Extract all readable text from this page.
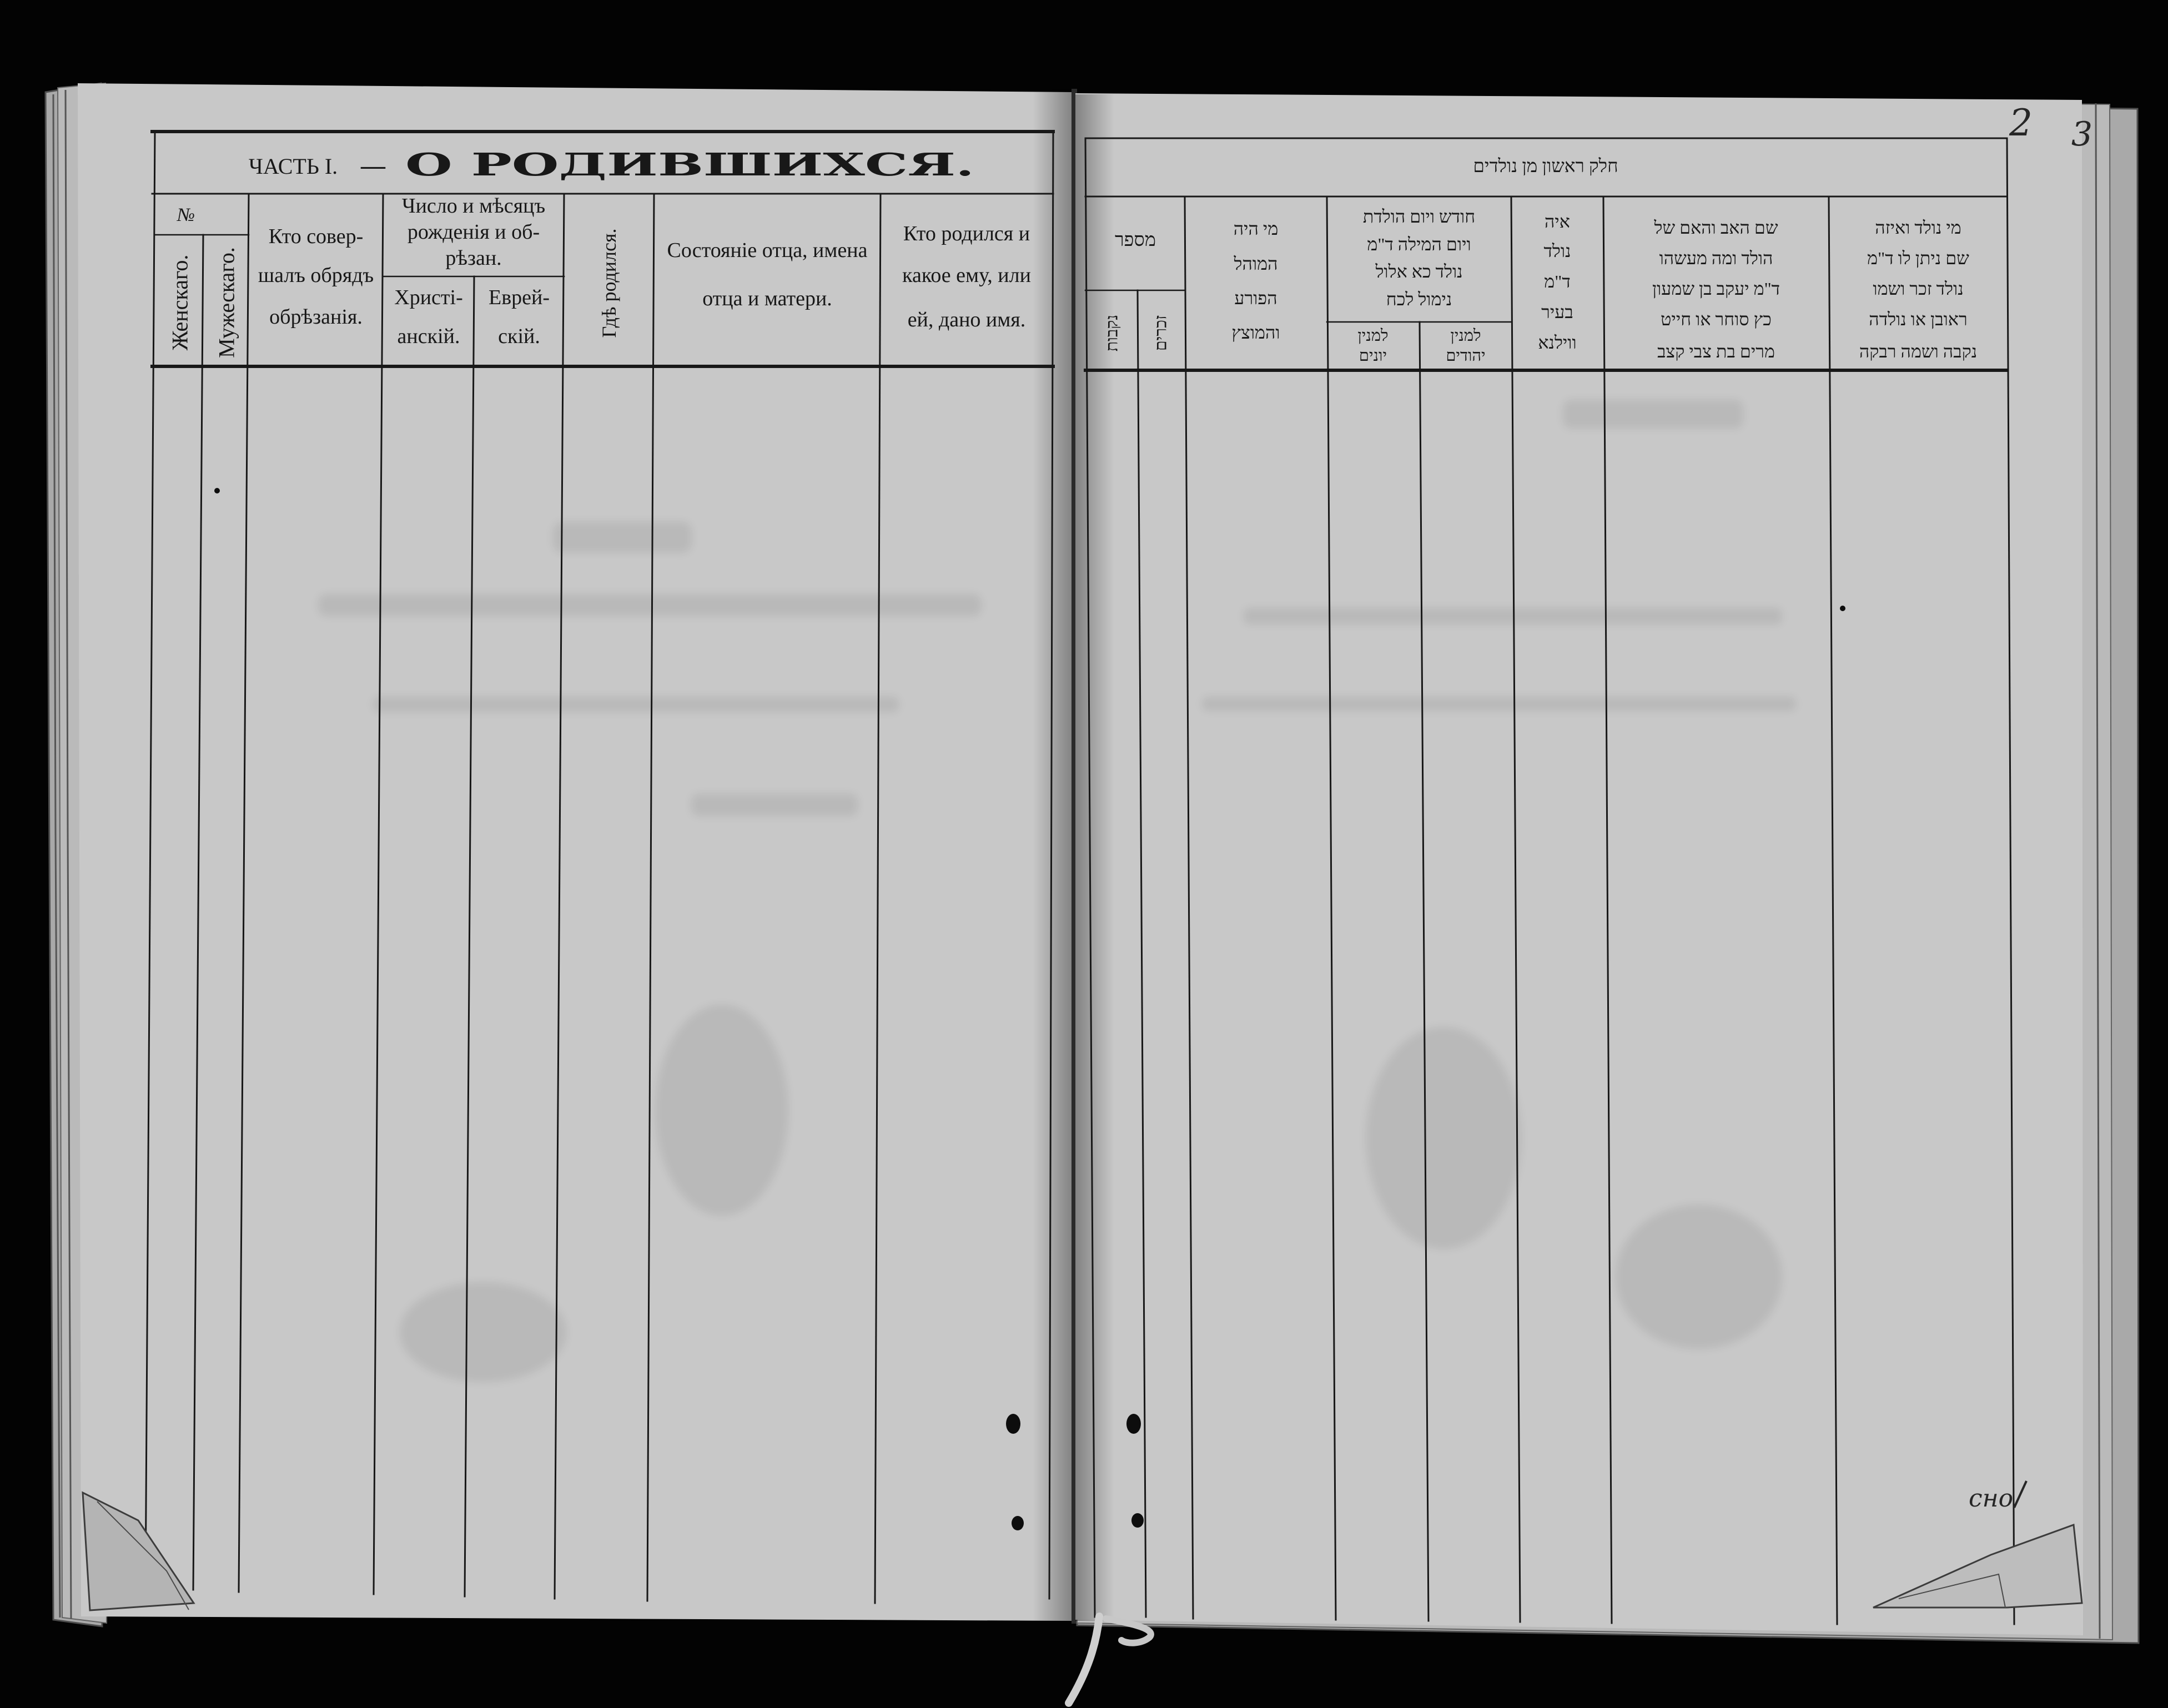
ЧАСТЬ I. — О РОДИВШИХСЯ.
№
Женскаго. Мужескаго.
Кто совер-
шалъ обрядъ
обрѣзанія.
Число и мѣсяцъ
рожденія и об-
рѣзан.
Христі-
анскій.
Еврей-
скій.	Гдѣ родился. Состояніе отца, имена
отца и матери.
Кто родился и
какое ему, или
ей, дано имя.
חלק ראשון מן נולדים
מספר
נקבות זכרים
מי היה
המוהל
הפורע
והמוצץ
חודש ויום הולדת
ויום המילה ד"מ
נולד כא אלול
נימול לכח
למנין
יונים
למנין
יהודים
איה
נולד
ד"מ
בעיר
ווילנא
שם האב והאם של
הולד ומה מעשהו
ד"מ יעקב בן שמעון
כץ סוחר או חייט
מרים בת צבי קצב
מי נולד ואיזה
שם ניתן לו ד"מ
נולד זכר ושמו
ראובן או נולדה
נקבה ושמה רבקה
2 3
сно
